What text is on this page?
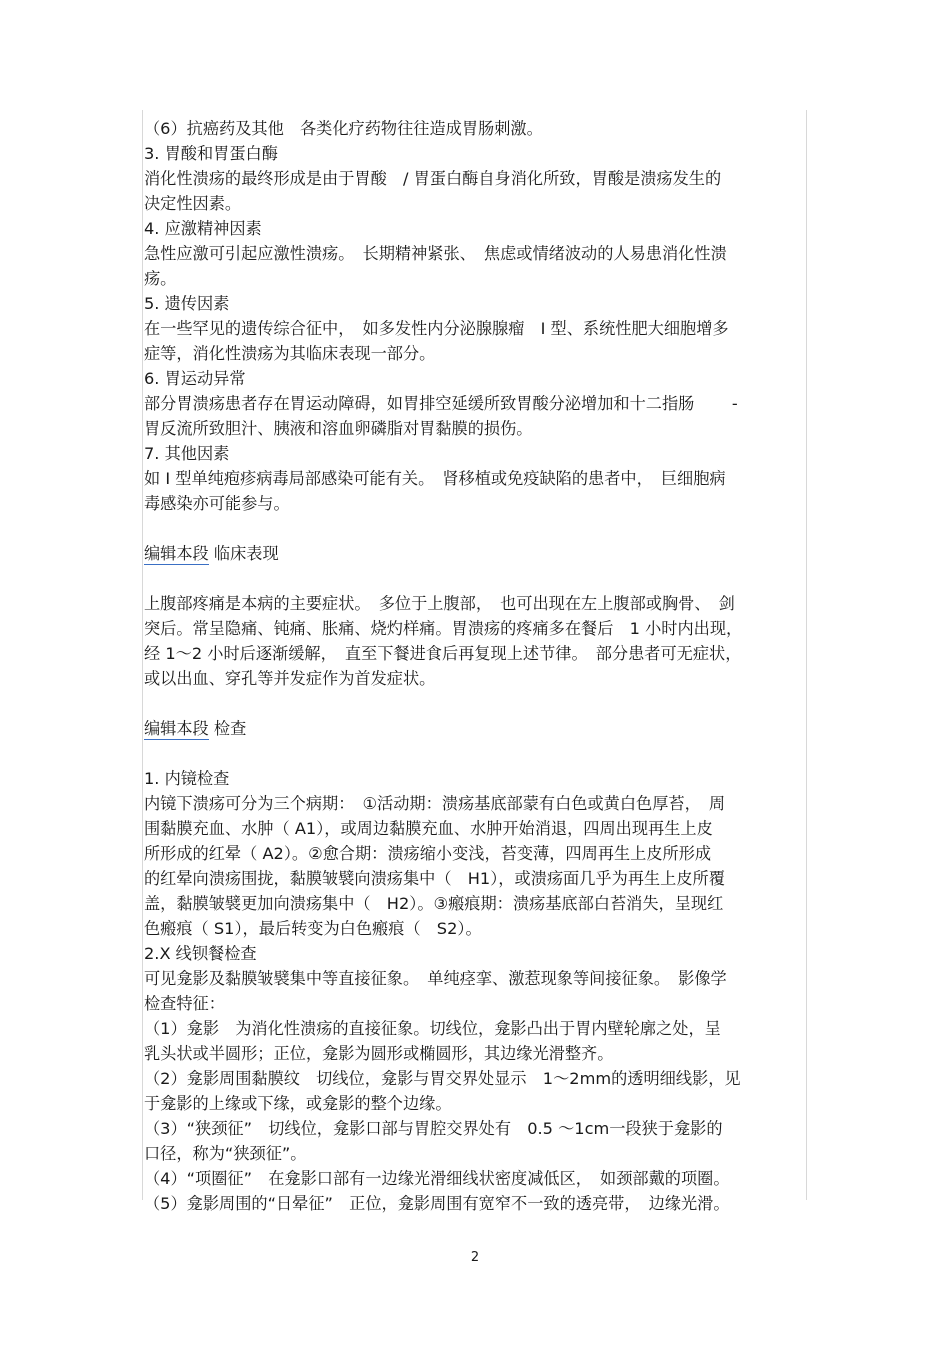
（6）抗癌药及其他　各类化疗药物往往造成胃肠刺激。
3. 胃酸和胃蛋白酶
消化性溃疡的最终形成是由于胃酸　/ 胃蛋白酶自身消化所致，胃酸是溃疡发生的
决定性因素。
4. 应激精神因素
急性应激可引起应激性溃疡。　长期精神紧张、　焦虑或情绪波动的人易患消化性溃
疡。
5. 遗传因素
在一些罕见的遗传综合征中，　如多发性内分泌腺腺瘤　Ⅰ 型、系统性肥大细胞增多
症等，消化性溃疡为其临床表现一部分。
6. 胃运动异常
部分胃溃疡患者存在胃运动障碍，如胃排空延缓所致胃酸分泌增加和十二指肠　　 -
胃反流所致胆汁、胰液和溶血卵磷脂对胃黏膜的损伤。
7. 其他因素
如 Ⅰ 型单纯疱疹病毒局部感染可能有关。　肾移植或免疫缺陷的患者中，　巨细胞病
毒感染亦可能参与。
编辑本段 临床表现
上腹部疼痛是本病的主要症状。　多位于上腹部，　也可出现在左上腹部或胸骨、　剑
突后。常呈隐痛、钝痛、胀痛、烧灼样痛。胃溃疡的疼痛多在餐后　1 小时内出现，
经 1～2 小时后逐渐缓解，　直至下餐进食后再复现上述节律。　部分患者可无症状，
或以出血、穿孔等并发症作为首发症状。
编辑本段 检查
1. 内镜检查
内镜下溃疡可分为三个病期：　①活动期：溃疡基底部蒙有白色或黄白色厚苔，　周
围黏膜充血、水肿（ A1），或周边黏膜充血、水肿开始消退，四周出现再生上皮
所形成的红晕（ A2）。②愈合期：溃疡缩小变浅，苔变薄，四周再生上皮所形成
的红晕向溃疡围拢，黏膜皱襞向溃疡集中（　H1），或溃疡面几乎为再生上皮所覆
盖，黏膜皱襞更加向溃疡集中（　H2）。③瘢痕期：溃疡基底部白苔消失，呈现红
色瘢痕（ S1），最后转变为白色瘢痕（　S2）。
2.X 线钡餐检查
可见龛影及黏膜皱襞集中等直接征象。　单纯痉挛、激惹现象等间接征象。　影像学
检查特征：
（1）龛影　为消化性溃疡的直接征象。切线位，龛影凸出于胃内壁轮廓之处，呈
乳头状或半圆形；正位，龛影为圆形或椭圆形，其边缘光滑整齐。
（2）龛影周围黏膜纹　切线位，龛影与胃交界处显示　1～2mm的透明细线影，见
于龛影的上缘或下缘，或龛影的整个边缘。
（3）“狭颈征”　切线位，龛影口部与胃腔交界处有　0.5 ～1cm一段狭于龛影的
口径，称为“狭颈征”。
（4）“项圈征”　在龛影口部有一边缘光滑细线状密度减低区，　如颈部戴的项圈。
（5）龛影周围的“日晕征”　正位，龛影周围有宽窄不一致的透亮带，　边缘光滑。
2
